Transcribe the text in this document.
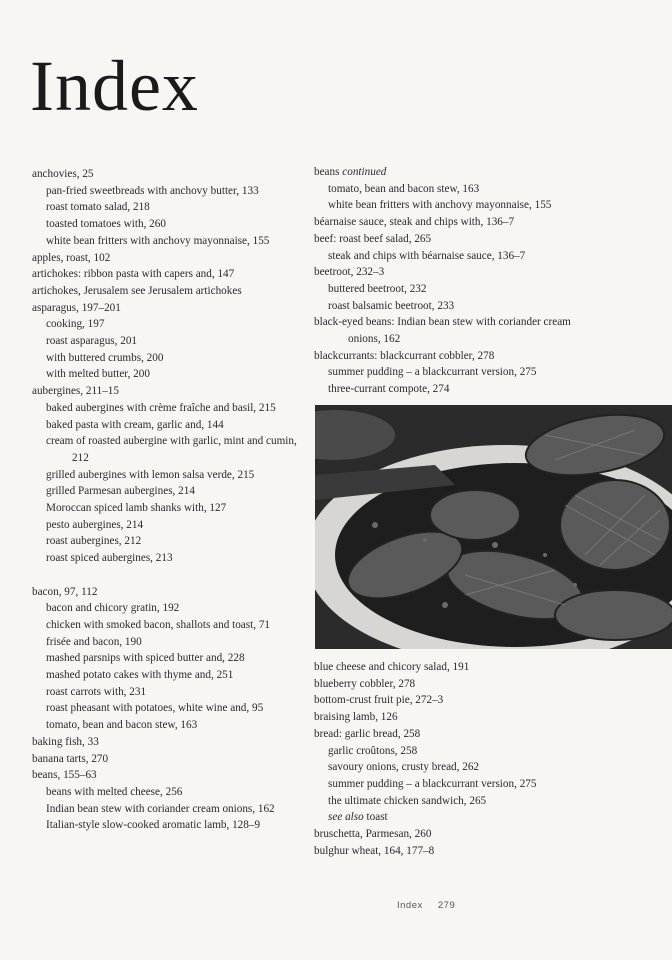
Index
anchovies, 25
pan-fried sweetbreads with anchovy butter, 133
roast tomato salad, 218
toasted tomatoes with, 260
white bean fritters with anchovy mayonnaise, 155
apples, roast, 102
artichokes: ribbon pasta with capers and, 147
artichokes, Jerusalem see Jerusalem artichokes
asparagus, 197–201
cooking, 197
roast asparagus, 201
with buttered crumbs, 200
with melted butter, 200
aubergines, 211–15
baked aubergines with crème fraîche and basil, 215
baked pasta with cream, garlic and, 144
cream of roasted aubergine with garlic, mint and cumin, 212
grilled aubergines with lemon salsa verde, 215
grilled Parmesan aubergines, 214
Moroccan spiced lamb shanks with, 127
pesto aubergines, 214
roast aubergines, 212
roast spiced aubergines, 213
bacon, 97, 112
bacon and chicory gratin, 192
chicken with smoked bacon, shallots and toast, 71
frisée and bacon, 190
mashed parsnips with spiced butter and, 228
mashed potato cakes with thyme and, 251
roast carrots with, 231
roast pheasant with potatoes, white wine and, 95
tomato, bean and bacon stew, 163
baking fish, 33
banana tarts, 270
beans, 155–63
beans with melted cheese, 256
Indian bean stew with coriander cream onions, 162
Italian-style slow-cooked aromatic lamb, 128–9
beans continued
tomato, bean and bacon stew, 163
white bean fritters with anchovy mayonnaise, 155
béarnaise sauce, steak and chips with, 136–7
beef: roast beef salad, 265
steak and chips with béarnaise sauce, 136–7
beetroot, 232–3
buttered beetroot, 232
roast balsamic beetroot, 233
black-eyed beans: Indian bean stew with coriander cream onions, 162
blackcurrants: blackcurrant cobbler, 278
summer pudding – a blackcurrant version, 275
three-currant compote, 274
blue cheese and chicory salad, 191
blueberry cobbler, 278
bottom-crust fruit pie, 272–3
braising lamb, 126
bread: garlic bread, 258
garlic croûtons, 258
savoury onions, crusty bread, 262
summer pudding – a blackcurrant version, 275
the ultimate chicken sandwich, 265
see also toast
bruschetta, Parmesan, 260
bulghur wheat, 164, 177–8
Index 279
